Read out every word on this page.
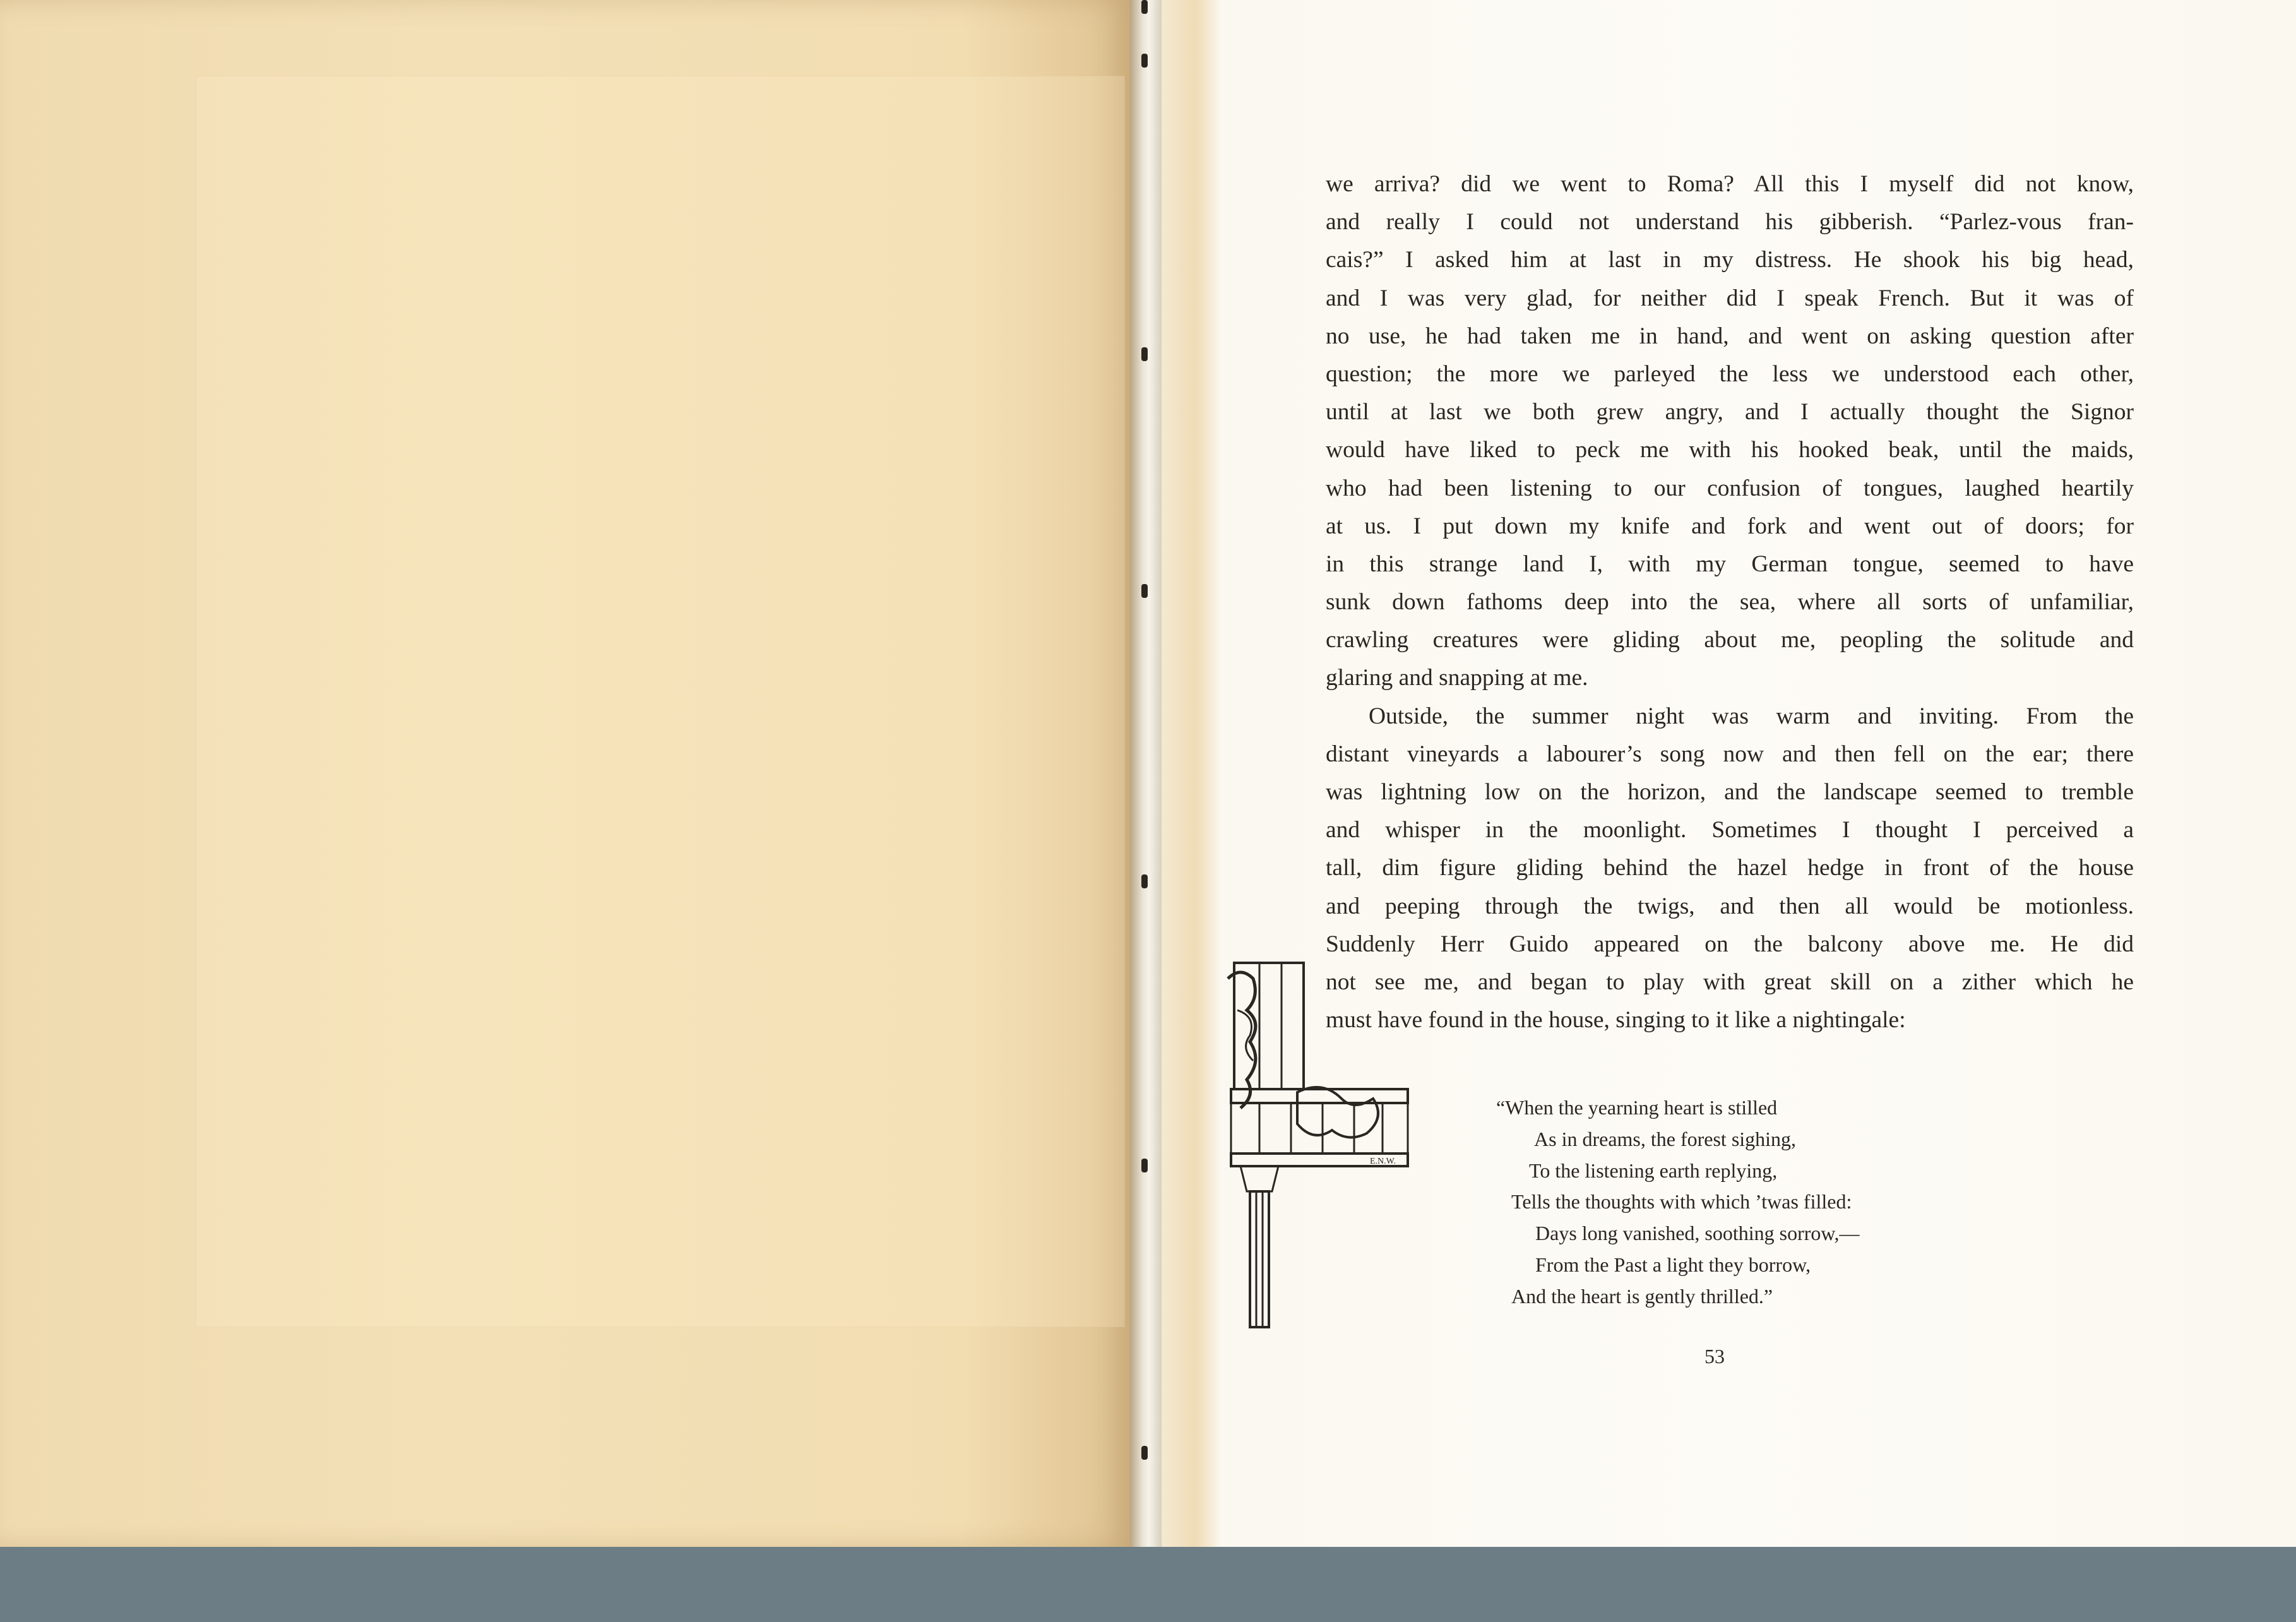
we arriva? did we went to Roma? All this I myself did not know,
and really I could not understand his gibberish. “Parlez-vous fran-
cais?” I asked him at last in my distress. He shook his big head,
and I was very glad, for neither did I speak French. But it was of
no use, he had taken me in hand, and went on asking question after
question; the more we parleyed the less we understood each other,
until at last we both grew angry, and I actually thought the Signor
would have liked to peck me with his hooked beak, until the maids,
who had been listening to our confusion of tongues, laughed heartily
at us. I put down my knife and fork and went out of doors; for
in this strange land I, with my German tongue, seemed to have
sunk down fathoms deep into the sea, where all sorts of unfamiliar,
crawling creatures were gliding about me, peopling the solitude and
glaring and snapping at me.
Outside, the summer night was warm and inviting. From the
distant vineyards a labourer’s song now and then fell on the ear; there
was lightning low on the horizon, and the landscape seemed to tremble
and whisper in the moonlight. Sometimes I thought I perceived a
tall, dim figure gliding behind the hazel hedge in front of the house
and peeping through the twigs, and then all would be motionless.
Suddenly Herr Guido appeared on the balcony above me. He did
not see me, and began to play with great skill on a zither which he
must have found in the house, singing to it like a nightingale:
E.N.W.
“When the yearning heart is stilled
As in dreams, the forest sighing,
To the listening earth replying,
Tells the thoughts with which ’twas filled:
Days long vanished, soothing sorrow,—
From the Past a light they borrow,
And the heart is gently thrilled.”
53
